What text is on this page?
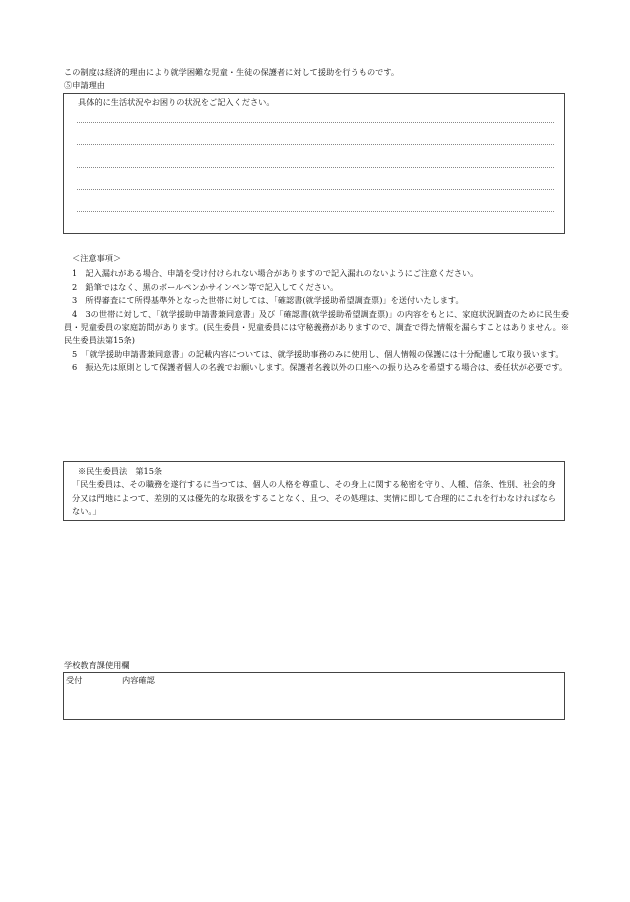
この制度は経済的理由により就学困難な児童・生徒の保護者に対して援助を行うものです。
⑤申請理由
具体的に生活状況やお困りの状況をご記入ください。
＜注意事項＞
1　記入漏れがある場合、申請を受け付けられない場合がありますので記入漏れのないようにご注意ください。
2　鉛筆ではなく、黒のボールペンかサインペン等で記入してください。
3　所得審査にて所得基準外となった世帯に対しては、「確認書(就学援助希望調査票)」を送付いたします。
4　3の世帯に対して、「就学援助申請書兼同意書」及び「確認書(就学援助希望調査票)」の内容をもとに、家庭状況調査のために民生委員・児童委員の家庭訪問があります。(民生委員・児童委員には守秘義務がありますので、調査で得た情報を漏らすことはありません。※民生委員法第15条)
5　「就学援助申請書兼同意書」の記載内容については、就学援助事務のみに使用し、個人情報の保護には十分配慮して取り扱います。
6　振込先は原則として保護者個人の名義でお願いします。保護者名義以外の口座への振り込みを希望する場合は、委任状が必要です。
※民生委員法　第15条
「民生委員は、その職務を遂行するに当つては、個人の人格を尊重し、その身上に関する秘密を守り、人種、信条、性別、社会的身分又は門地によつて、差別的又は優先的な取扱をすることなく、且つ、その処理は、実情に即して合理的にこれを行わなければならない。」
学校教育課使用欄
受付	内容確認
